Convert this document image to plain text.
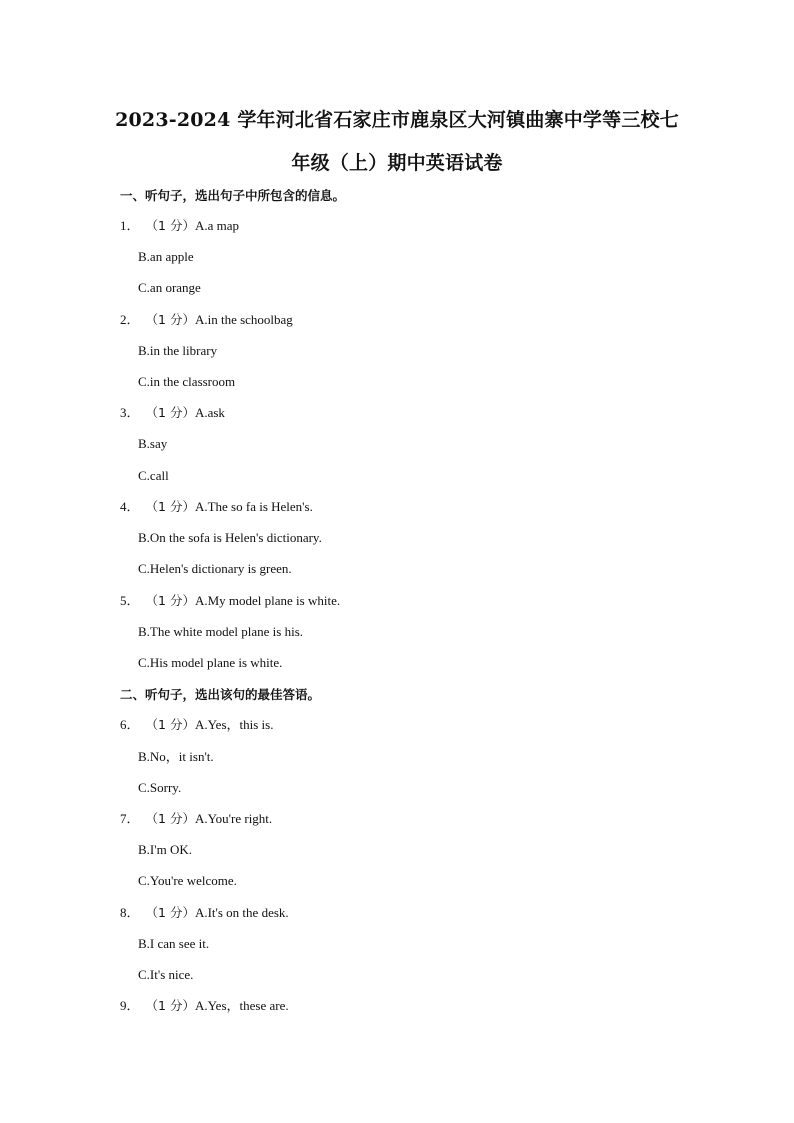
2023-2024 学年河北省石家庄市鹿泉区大河镇曲寨中学等三校七
年级（上）期中英语试卷
一、听句子，选出句子中所包含的信息。
1． （1 分）A.a map
B.an apple
C.an orange
2． （1 分）A.in the schoolbag
B.in the library
C.in the classroom
3． （1 分）A.ask
B.say
C.call
4． （1 分）A.The so fa is Helen's.
B.On the sofa is Helen's dictionary.
C.Helen's dictionary is green.
5． （1 分）A.My model plane is white.
B.The white model plane is his.
C.His model plane is white.
二、听句子，选出该句的最佳答语。
6． （1 分）A.Yes，this is.
B.No，it isn't.
C.Sorry.
7． （1 分）A.You're right.
B.I'm OK.
C.You're welcome.
8． （1 分）A.It's on the desk.
B.I can see it.
C.It's nice.
9． （1 分）A.Yes，these are.
